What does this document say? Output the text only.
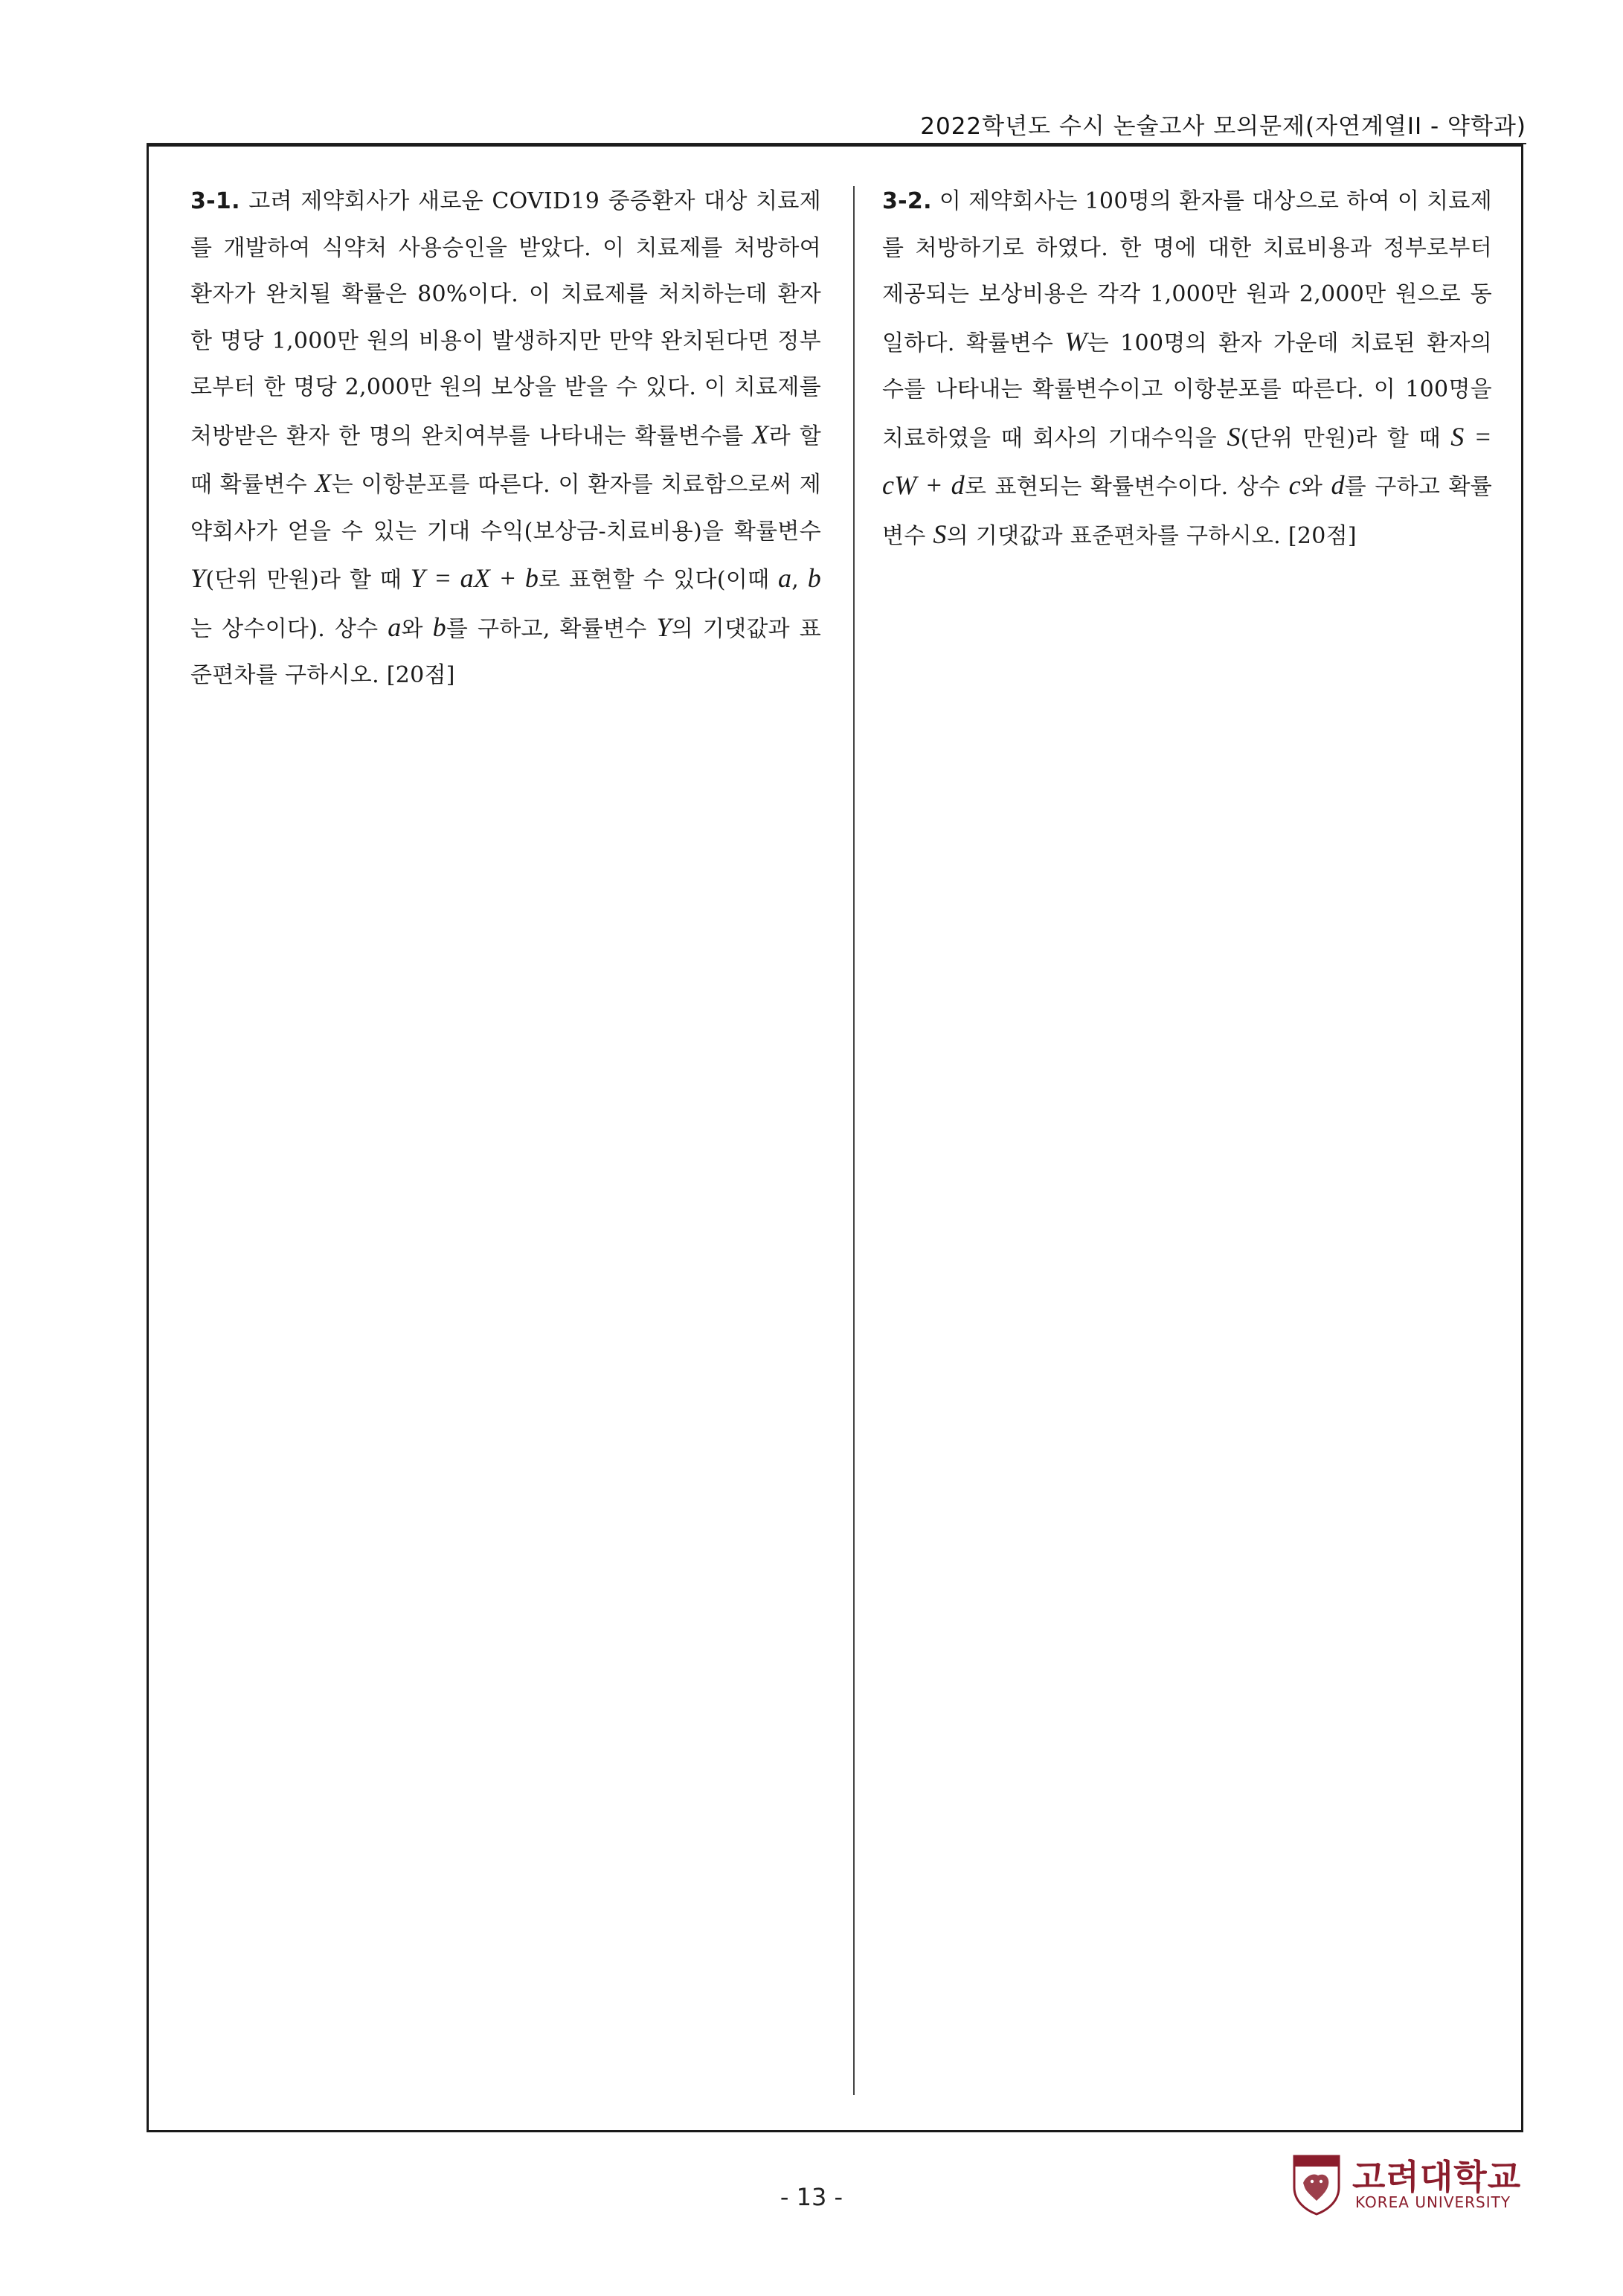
2022학년도 수시 논술고사 모의문제(자연계열II - 약학과)
3-1. 고려 제약회사가 새로운 COVID19 중증환자 대상 치료제를 개발하여 식약처 사용승인을 받았다. 이 치료제를 처방하여 환자가 완치될 확률은 80%이다. 이 치료제를 처치하는데 환자 한 명당 1,000만 원의 비용이 발생하지만 만약 완치된다면 정부로부터 한 명당 2,000만 원의 보상을 받을 수 있다. 이 치료제를 처방받은 환자 한 명의 완치여부를 나타내는 확률변수를 X라 할 때 확률변수 X는 이항분포를 따른다. 이 환자를 치료함으로써 제약회사가 얻을 수 있는 기대 수익(보상금-치료비용)을 확률변수 Y(단위 만원)라 할 때 Y = aX + b로 표현할 수 있다(이때 a, b는 상수이다). 상수 a와 b를 구하고, 확률변수 Y의 기댓값과 표준편차를 구하시오. [20점]
3-2. 이 제약회사는 100명의 환자를 대상으로 하여 이 치료제를 처방하기로 하였다. 한 명에 대한 치료비용과 정부로부터 제공되는 보상비용은 각각 1,000만 원과 2,000만 원으로 동일하다. 확률변수 W는 100명의 환자 가운데 치료된 환자의 수를 나타내는 확률변수이고 이항분포를 따른다. 이 100명을 치료하였을 때 회사의 기대수익을 S(단위 만원)라 할 때 S = cW + d로 표현되는 확률변수이다. 상수 c와 d를 구하고 확률변수 S의 기댓값과 표준편차를 구하시오. [20점]
- 13 -	고려대학교
KOREA UNIVERSITY
